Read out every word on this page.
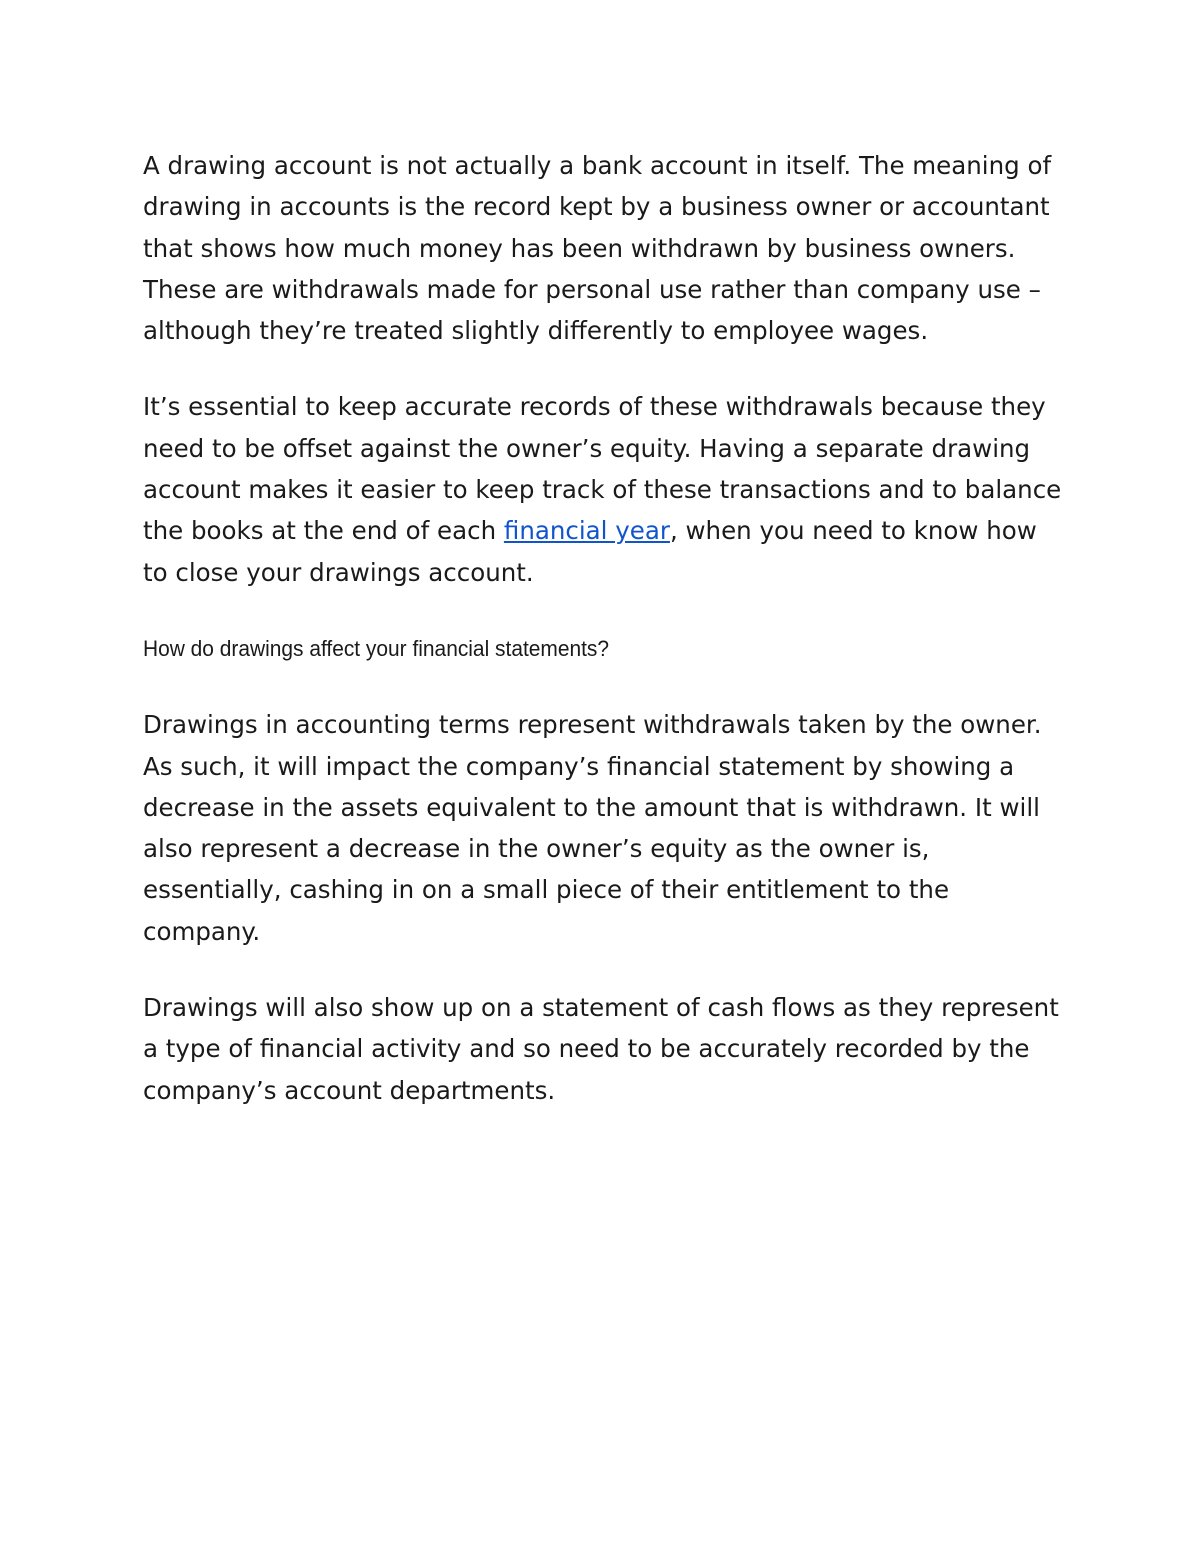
A drawing account is not actually a bank account in itself. The meaning of drawing in accounts is the record kept by a business owner or accountant that shows how much money has been withdrawn by business owners. These are withdrawals made for personal use rather than company use – although they’re treated slightly differently to employee wages.

It’s essential to keep accurate records of these withdrawals because they need to be offset against the owner’s equity. Having a separate drawing account makes it easier to keep track of these transactions and to balance the books at the end of each financial year, when you need to know how to close your drawings account.

How do drawings affect your financial statements?

Drawings in accounting terms represent withdrawals taken by the owner. As such, it will impact the company’s financial statement by showing a decrease in the assets equivalent to the amount that is withdrawn. It will also represent a decrease in the owner’s equity as the owner is, essentially, cashing in on a small piece of their entitlement to the company.

Drawings will also show up on a statement of cash flows as they represent a type of financial activity and so need to be accurately recorded by the company’s account departments.
